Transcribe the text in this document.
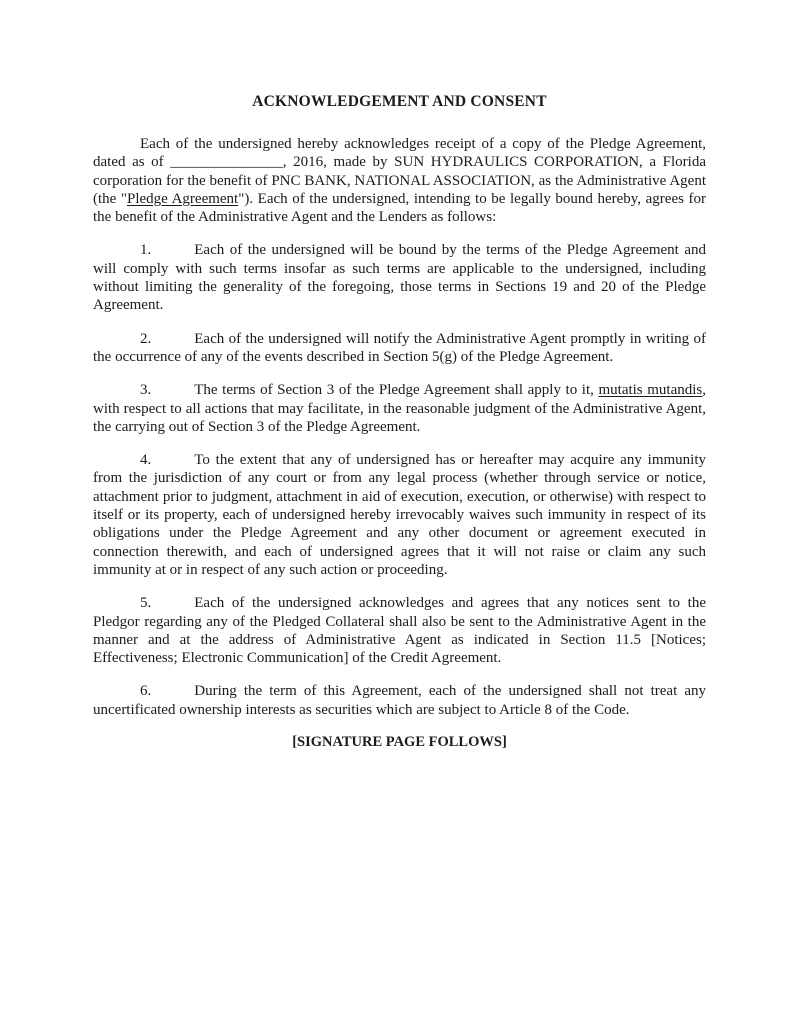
ACKNOWLEDGEMENT AND CONSENT

Each of the undersigned hereby acknowledges receipt of a copy of the Pledge Agreement, dated as of _______________, 2016, made by SUN HYDRAULICS CORPORATION, a Florida corporation for the benefit of PNC BANK, NATIONAL ASSOCIATION, as the Administrative Agent (the "Pledge Agreement"). Each of the undersigned, intending to be legally bound hereby, agrees for the benefit of the Administrative Agent and the Lenders as follows:

1.	Each of the undersigned will be bound by the terms of the Pledge Agreement and will comply with such terms insofar as such terms are applicable to the undersigned, including without limiting the generality of the foregoing, those terms in Sections 19 and 20 of the Pledge Agreement.

2.	Each of the undersigned will notify the Administrative Agent promptly in writing of the occurrence of any of the events described in Section 5(g) of the Pledge Agreement.

3.	The terms of Section 3 of the Pledge Agreement shall apply to it, mutatis mutandis, with respect to all actions that may facilitate, in the reasonable judgment of the Administrative Agent, the carrying out of Section 3 of the Pledge Agreement.

4.	To the extent that any of undersigned has or hereafter may acquire any immunity from the jurisdiction of any court or from any legal process (whether through service or notice, attachment prior to judgment, attachment in aid of execution, execution, or otherwise) with respect to itself or its property, each of undersigned hereby irrevocably waives such immunity in respect of its obligations under the Pledge Agreement and any other document or agreement executed in connection therewith, and each of undersigned agrees that it will not raise or claim any such immunity at or in respect of any such action or proceeding.

5.	Each of the undersigned acknowledges and agrees that any notices sent to the Pledgor regarding any of the Pledged Collateral shall also be sent to the Administrative Agent in the manner and at the address of Administrative Agent as indicated in Section 11.5 [Notices; Effectiveness; Electronic Communication] of the Credit Agreement.

6.	During the term of this Agreement, each of the undersigned shall not treat any uncertificated ownership interests as securities which are subject to Article 8 of the Code.

[SIGNATURE PAGE FOLLOWS]
